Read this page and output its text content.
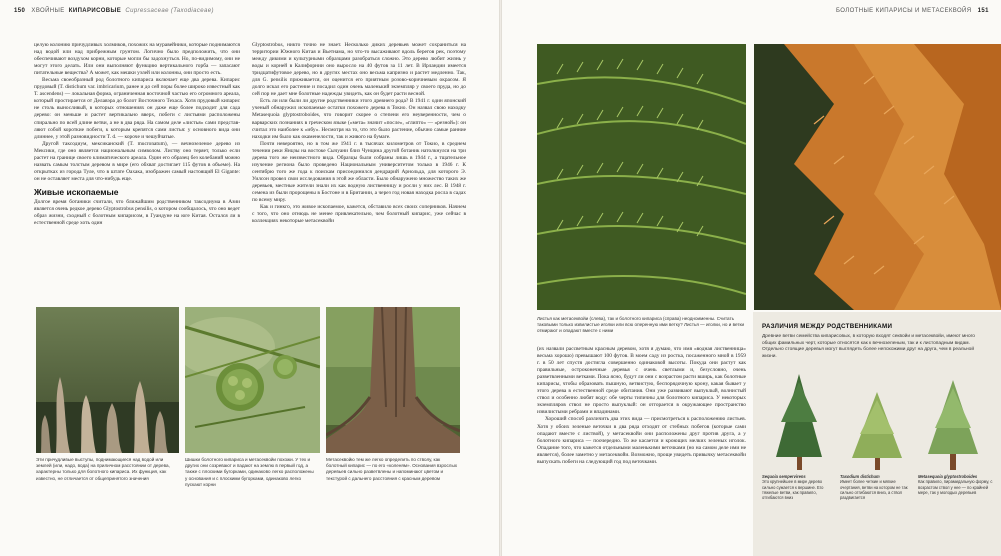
150 ХВОЙНЫЕ КИПАРИСОВЫЕ Cupressaceae (Taxodiaceae)

целую колонию причудливых холмиков, похожих на муравейники, которые поднимаются над водой или над прибрежным грунтом. Логично было предположить, что они обеспечивают воздухом корни, которые могли бы задохнуться. Но, по-видимому, они не могут этого делать. Или они выполняют функцию вертикального горба — запасают питательные вещества? А может, как мешки узлей или колонны, они просто есть.

Весьма своеобразный род болотного кипариса включает еще два дерева. Кипарис прудовый (T. distichum var. imbricarium, ранее и до сей поры более широко известный как T. ascendens) — локальная форма, ограниченная восточной частью его огромного ареала, который простирается от Делавэра до болот Восточного Техаса. Хотя прудовый кипарис не столь выносливый, в которых отношениях он даже еще более подходит для сада дерево: он меньше и растет вертикально вверх, побеги с листьями расположены спирально по всей длине ветви, а не в два ряда. На самом деле «листья» сами представляют собой короткие побеги, к которым крепятся сами листья: у основного вида они длиннее, у этой разновидности T. d. — короче и чешуйчатые.

Другой таксодиум, мексиканский (T. mucronatum), — вечнозеленое дерево из Мексики, где оно является национальным символом. Листву оно теряет, только если растет на границе своего климатического ареала. Один его образец без колебаний можно назвать самым толстым деревом в мире (его обхват достигает 115 футов в объеме). На открытках из города Туле, что в штате Оахака, изображен самый настоящий El Gigante: он не оставляет места для что-нибудь еще.

Живые ископаемые

Долгое время ботаники считали, что ближайшим родственником таксодиума в Азии является очень редкое дерево Glyptostrobus pensilis, о котором сообщалось, что оно ведет образ жизни, сходный с болотным кипарисом, в Гуандуне на юге Китая. Остался ли в естественной среде хоть один

Glyptostrobus, никто точно не знает. Несколько диких деревьев может сохраниться на территории Южного Китая и Вьетнама, но что-то высаживают вдоль берегов рек, поэтому между дикими и культурными образцами разобраться сложно. Это дерево любит жизнь у воды и корней в Калифорнии оно выросло на 40 футов за 11 лет. В Ирландии имеется тридцатифутовое дерево, но в других местах оно весьма капризно и растет медленно. Так, для G. pensilis приживается, он оценится его приятным розово-коричневым окрасом. Я долго искал его растение и посадил один очень маленький экземпляр у своего пруда, но до сей пор не дает мне болотные надежды увидеть, как он будет расти весной.

Есть ли или были ли другие родственники этого древнего рода? В 1941 г. один японский ученый обнаружил ископаемые остатки похожего дерева в Токио. Он назвал свою находку Metasequoia glyptostroboides, что говорит скорее о степени его неуверенности, чем о варварских познаниях в греческом языке («мета» значит «после», «глипто» — «резной»): он считал это наиболее к «ибу». Несмотря на то, что это было растение, обычно самые ранние находки им было как окаменелости, так и живого на бумаге.

Почти невероятно, но в том же 1941 г. в тысячах километров от Токио, в среднем течении реки Янцзы на востоке Сычуани близ Чунцина другой ботаник натолкнулся на три дерева того же неизвестного вида. Образцы были собраны лишь в 1944 г., а тщательное изучение региона было проведено Национальным университетом только в 1946 г. К сентябрю того же года к поискам присоединился дендрарий Арнольда, для которого Э. Уилсон провел свои исследования в этой же области. Было обнаружено множество таких же деревьев, местные жители знали их как водную лиственницу и росли у них лес. В 1948 г. семена из были пророщены в Бостоне и в Британии, а через год новая находка росла в садах по всему миру.

Как и гинкго, это живое ископаемое, кажется, обставило всех своих соперников. Начнем с того, что оно отнюдь не менее привлекательно, чем болотный кипарис, уже сейчас в коллекциях некоторые метасеквойи

Эти причудливые выступы, поднимающиеся над водой или землей (или, надо, вода) на приличном расстоянии от дерева, характерны только для болотного кипариса. Их функция, как известно, не отличается от общепринятого значения
Шишки болотного кипариса и метасеквойи похожи. У тех и других они созревают и падают на землю в первый год, а также с плоскими бугорками, одинаково легко расположены у основания и с плоскими бугорками, одинаково легко пускают корни
Метасеквойю тем же легко определить по стволу, как болотный кипарис — по его «коленям». Основания взрослых деревьев сильно разветвлены и напоминают цветом и текстурой с дальнего расстояния с красным деревом
БОЛОТНЫЕ КИПАРИСЫ И МЕТАСЕКВОЙЯ 151
Листья как метасеквойи (слева), так и болотного кипариса (справа) неодноименны. Считать таковыми только извилистые иголки или всю оперенную ими ветку? Листья — иголки, но и ветки отмирают и опадают вместе с ними

(их назвали рассветным красным деревом, хотя я думаю, что имя «водная лиственница» весьма хорошо) превышают 100 футов. В моем саду из ростка, посаженного мной в 1959 г. в 50 лет спустя достигла совершенно одинаковой высоты. Покуда они растут как правильные, остроконечные деревья с очень светлыми и, безусловно, очень разветвленными ветками. Пока ясно, будут ли они с возрастом расти вширь, как болотные кипарисы, чтобы образовать пышную, ветвистую, беспорядочную крону, какая бывает у этого дерева в естественной среде обитания. Они уже развивают выпуклый, волнистый ствол и особенно любят воду: обе черты типичны для болотного кипариса. У некоторых экземпляров ствол не просто выпуклый: он отгорается в окружающее пространство извилистыми ребрами и впадинами.

Хороший способ различить два этих вида — присмотреться к расположению листьев. Хотя у обоих зеленые веточки в два ряда отходят от стебных побегов (которые сами опадают вместе с листвой), у метасеквойи они расположены друг против друга, а у болотного кипариса — поочередно. То же касается и кроющих мелких зеленых иголок. Опадание того, что кажется отдельными маленькими веточками (но на самом деле ими не является), более заметно у метасеквойи. Возможно, проще увидеть привычку метасеквойи выпускать побеги на следующий год под веточками.

РАЗЛИЧИЯ МЕЖДУ РОДСТВЕННИКАМИ
Древние ветви семейства кипарисовых, в которую входят секвойи и метасеквойи, имеют много общих фамильных черт, которые относятся как к вечнозеленым, так и к листопадным видам. Отдельно стоящие деревья могут выглядеть более непохожими друг на друга, чем в реальной жизни.
Sequoia sempervirens
Это крупнейшее в мире дерево сильно сужается к вершине. Его тяжелые ветви, как правило, отгибаются вниз
Taxodium distichum
Имеет более четкие и мягкие очертания, ветви на котором не так сильно отгибаются вниз, а ствол раздвигается
Metasequoia glyptostroboides
Как правило, пирамидальную форму, с возрастом ствол у нее — по крайней мере, так у молодых деревьев
